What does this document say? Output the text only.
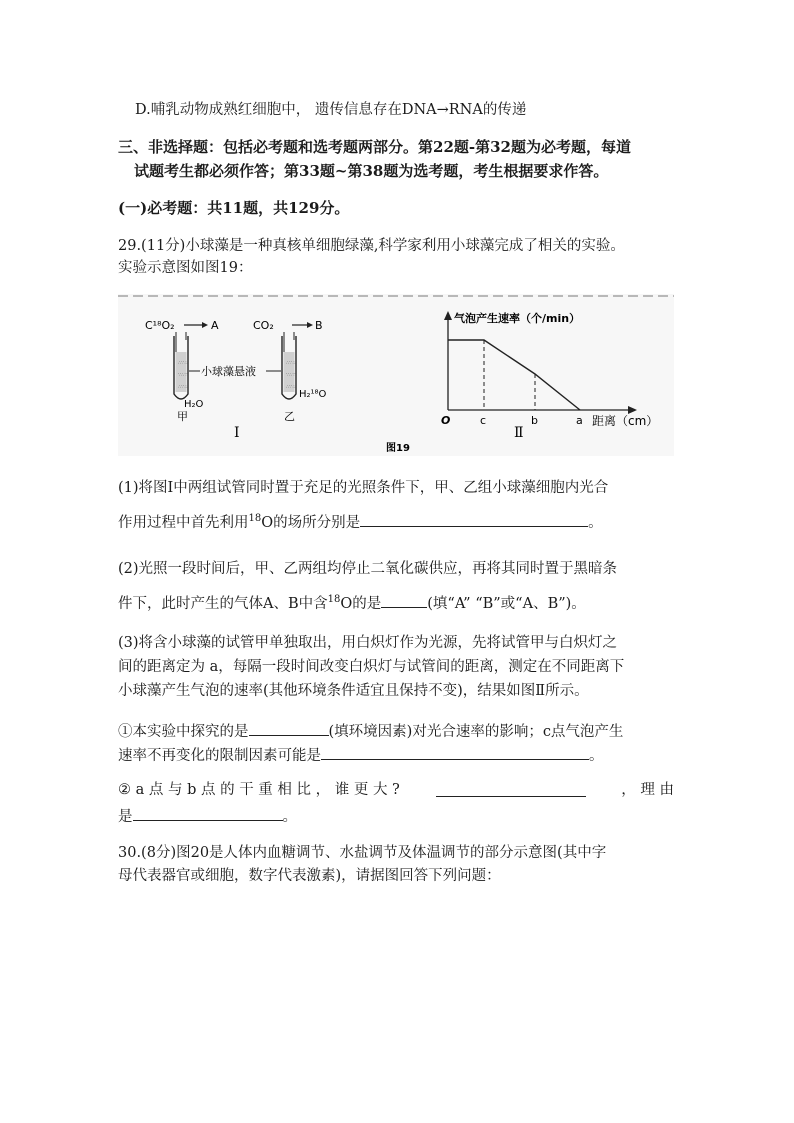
D.哺乳动物成熟红细胞中， 遗传信息存在DNA→RNA的传递
三、非选择题：包括必考题和选考题两部分。第22题-第32题为必考题，每道
试题考生都必须作答；第33题~第38题为选考题，考生根据要求作答。
(一)必考题：共11题，共129分。
29.(11分)小球藻是一种真核单细胞绿藻,科学家利用小球藻完成了相关的实验。
实验示意图如图19：
C¹⁸O₂	A
∴∵∴
∵∴∵
∴∵∴
H₂O
甲
小球藻悬液
CO₂	B
∴∵∴
∵∴∵
∴∵∴
H₂¹⁸O
乙
Ⅰ
气泡产生速率（个/min）
O	c	b	a 距离（cm）
Ⅱ
图19
(1)将图I中两组试管同时置于充足的光照条件下，甲、乙组小球藻细胞内光合
作用过程中首先利用$^{18}$O的场所分别是	。
(2)光照一段时间后，甲、乙两组均停止二氧化碳供应，再将其同时置于黑暗条
件下，此时产生的气体A、B中含$^{18}$O的是	(填“A” “B”或“A、B”)。
(3)将含小球藻的试管甲单独取出，用白炽灯作为光源，先将试管甲与白炽灯之
间的距离定为 a，每隔一段时间改变白炽灯与试管间的距离，测定在不同距离下
小球藻产生气泡的速率(其他环境条件适宜且保持不变)，结果如图Ⅱ所示。
①本实验中探究的是	(填环境因素)对光合速率的影响；c点气泡产生
速率不再变化的限制因素可能是	。
② a 点 与 b 点 的 干 重 相 比 ， 谁 更 大 ?	， 理 由
是	。
30.(8分)图20是人体内血糖调节、水盐调节及体温调节的部分示意图(其中字
母代表器官或细胞，数字代表激素)，请据图回答下列问题：
